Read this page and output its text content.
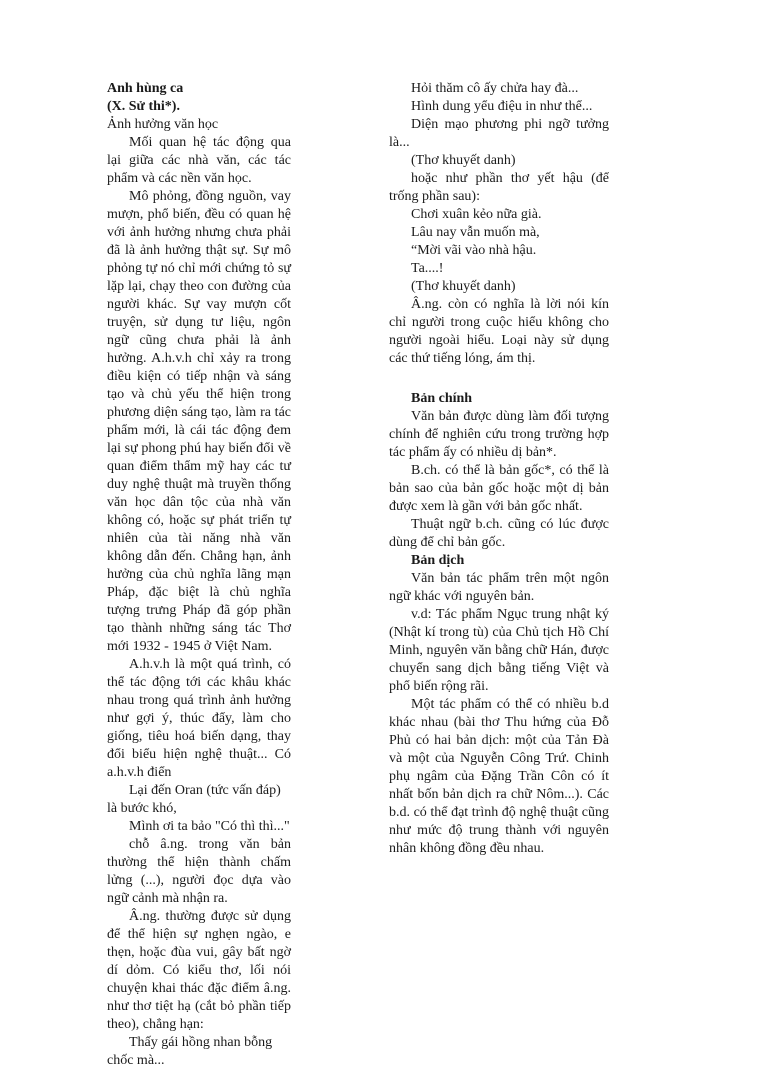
Anh hùng ca

(X. Sử thi*).

Ảnh hưởng văn học

Mối quan hệ tác động qua lại giữa các nhà văn, các tác phẩm và các nền văn học.

Mô phỏng, đồng nguồn, vay mượn, phổ biến, đều có quan hệ với ảnh hưởng nhưng chưa phải đã là ảnh hưởng thật sự. Sự mô phỏng tự nó chỉ mới chứng tỏ sự lặp lại, chạy theo con đường của người khác. Sự vay mượn cốt truyện, sử dụng tư liệu, ngôn ngữ cũng chưa phải là ảnh hưởng. A.h.v.h chỉ xảy ra trong điều kiện có tiếp nhận và sáng tạo và chủ yếu thể hiện trong phương diện sáng tạo, làm ra tác phẩm mới, là cái tác động đem lại sự phong phú hay biến đổi về quan điểm thẩm mỹ hay các tư duy nghệ thuật mà truyền thống văn học dân tộc của nhà văn không có, hoặc sự phát triển tự nhiên của tài năng nhà văn không dẫn đến. Chẳng hạn, ảnh hưởng của chủ nghĩa lãng mạn Pháp, đặc biệt là chủ nghĩa tượng trưng Pháp đã góp phần tạo thành những sáng tác Thơ mới 1932 - 1945 ở Việt Nam.

A.h.v.h là một quá trình, có thể tác động tới các khâu khác nhau trong quá trình ảnh hưởng như gợi ý, thúc đẩy, làm cho giống, tiêu hoá biến dạng, thay đổi biểu hiện nghệ thuật... Có a.h.v.h điển

Lại đến Oran (tức vấn đáp) là bước khó,

Mình ơi ta bảo "Có thì thì..."

chỗ â.ng. trong văn bản thường thể hiện thành chấm lửng (...), người đọc dựa vào ngữ cảnh mà nhận ra.

Â.ng. thường được sử dụng để thể hiện sự nghẹn ngào, e thẹn, hoặc đùa vui, gây bất ngờ dí dỏm. Có kiểu thơ, lối nói chuyện khai thác đặc điểm â.ng. như thơ tiệt hạ (cắt bỏ phần tiếp theo), chẳng hạn:

Thấy gái hồng nhan bỗng chốc mà...

Hỏi thăm cô ấy chửa hay đà...

Hình dung yểu điệu in như thể...

Diện mạo phương phi ngỡ tưởng là...

(Thơ khuyết danh)

hoặc như phần thơ yết hậu (để trống phần sau):

Chơi xuân kẻo nữa già.

Lâu nay vẫn muốn mà,

“Mời vãi vào nhà hậu.

Ta....!

(Thơ khuyết danh)

Â.ng. còn có nghĩa là lời nói kín chỉ người trong cuộc hiểu không cho người ngoài hiểu. Loại này sử dụng các thứ tiếng lóng, ám thị.

Bản chính

Văn bản được dùng làm đối tượng chính để nghiên cứu trong trường hợp tác phẩm ấy có nhiều dị bản*.

B.ch. có thể là bản gốc*, có thể là bản sao của bản gốc hoặc một dị bản được xem là gần với bản gốc nhất.

Thuật ngữ b.ch. cũng có lúc được dùng để chỉ bản gốc.

Bản dịch

Văn bản tác phẩm trên một ngôn ngữ khác với nguyên bản.

v.d: Tác phẩm Ngục trung nhật ký (Nhật kí trong tù) của Chủ tịch Hồ Chí Minh, nguyên văn bằng chữ Hán, được chuyển sang dịch bằng tiếng Việt và phổ biến rộng rãi.

Một tác phẩm có thể có nhiều b.d khác nhau (bài thơ Thu hứng của Đỗ Phủ có hai bản dịch: một của Tản Đà và một của Nguyễn Công Trứ. Chinh phụ ngâm của Đặng Trần Côn có ít nhất bốn bản dịch ra chữ Nôm...). Các b.d. có thể đạt trình độ nghệ thuật cũng như mức độ trung thành với nguyên nhân không đồng đều nhau.
